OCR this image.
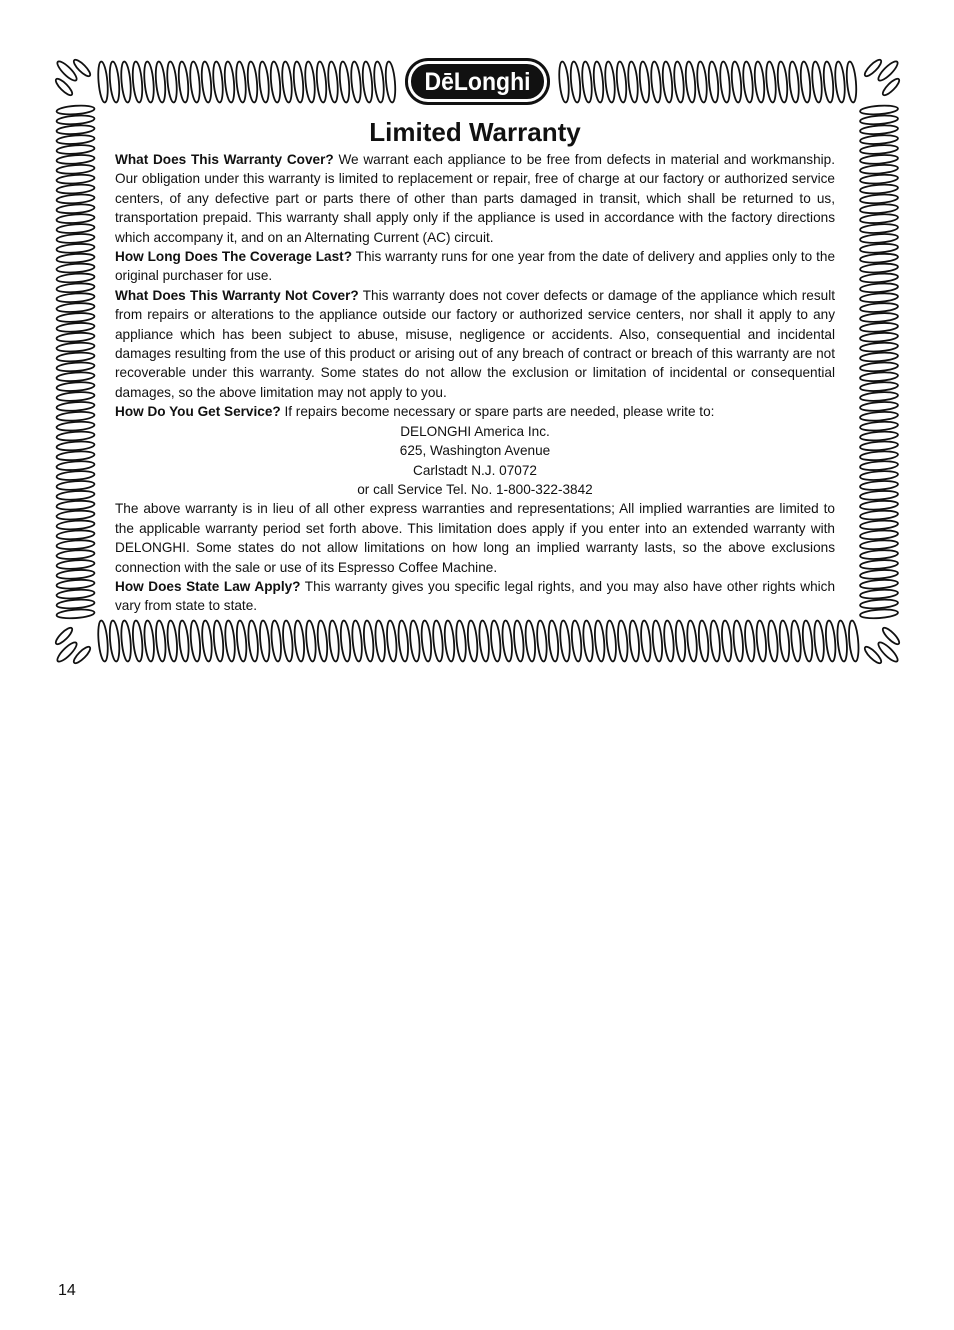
DēLonghi
Limited Warranty

What Does This Warranty Cover? We warrant each appliance to be free from defects in material and workmanship. Our obligation under this warranty is limited to replacement or repair, free of charge at our factory or authorized service centers, of any defective part or parts there of other than parts damaged in transit, which shall be returned to us, transportation prepaid. This warranty shall apply only if the appliance is used in accordance with the factory directions which accompany it, and on an Alternating Current (AC) circuit.

How Long Does The Coverage Last? This warranty runs for one year from the date of delivery and applies only to the original purchaser for use.

What Does This Warranty Not Cover? This warranty does not cover defects or damage of the appliance which result from repairs or alterations to the appliance outside our factory or authorized service centers, nor shall it apply to any appliance which has been subject to abuse, misuse, negligence or accidents. Also, consequential and incidental damages resulting from the use of this product or arising out of any breach of contract or breach of this warranty are not recoverable under this warranty. Some states do not allow the exclusion or limitation of incidental or consequential damages, so the above limitation may not apply to you.

How Do You Get Service? If repairs become necessary or spare parts are needed, please write to:

DELONGHI America Inc.
625, Washington Avenue
Carlstadt N.J. 07072
or call Service Tel. No. 1-800-322-3842

The above warranty is in lieu of all other express warranties and representations; All implied warranties are limited to the applicable warranty period set forth above. This limitation does apply if you enter into an extended warranty with DELONGHI. Some states do not allow limitations on how long an implied warranty lasts, so the above exclusions connection with the sale or use of its Espresso Coffee Machine.

How Does State Law Apply? This warranty gives you specific legal rights, and you may also have other rights which vary from state to state.

14
